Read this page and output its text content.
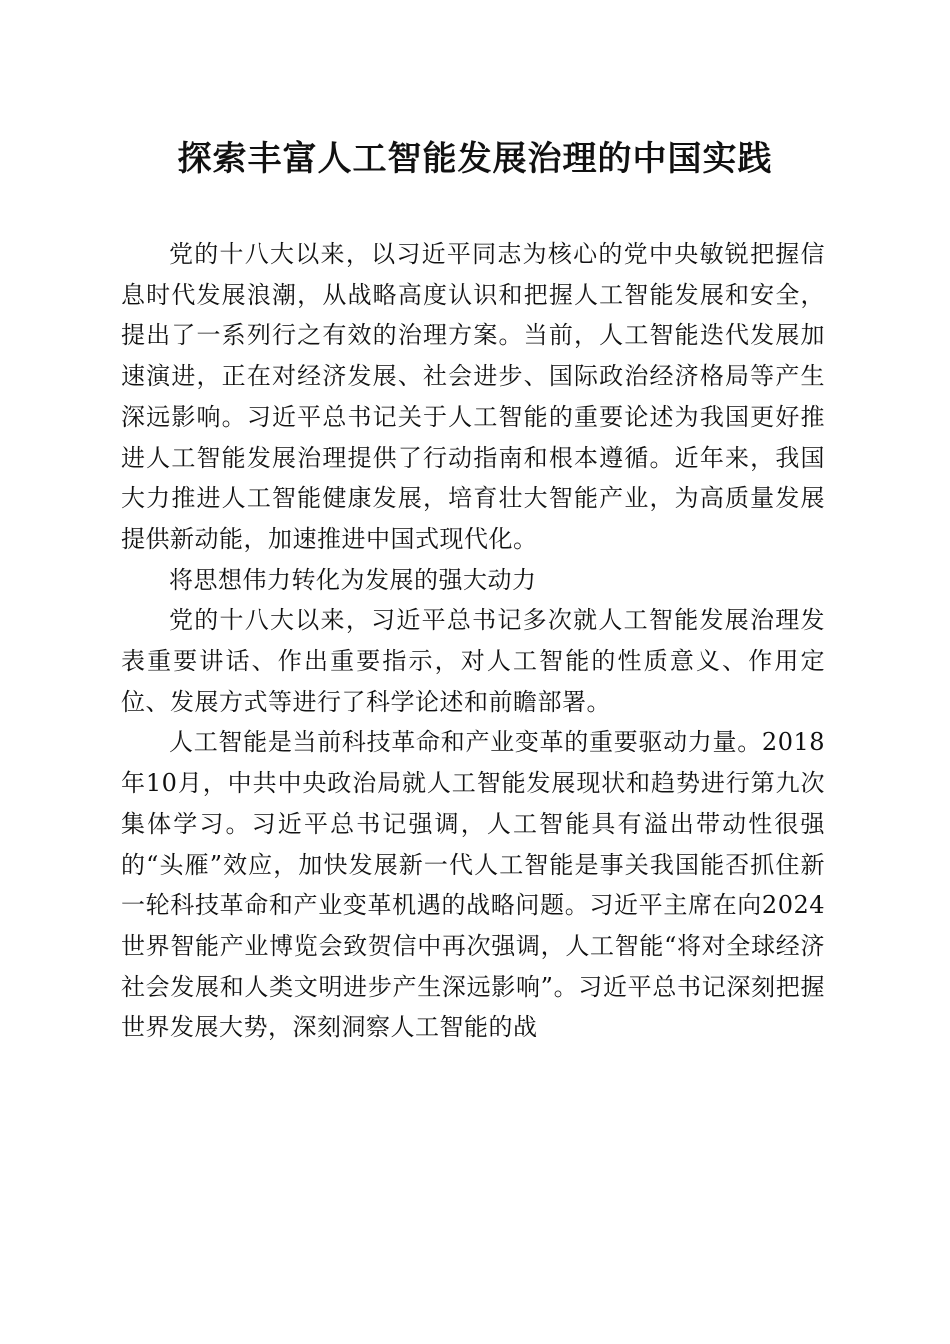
探索丰富人工智能发展治理的中国实践

党的十八大以来，以习近平同志为核心的党中央敏锐把握信息时代发展浪潮，从战略高度认识和把握人工智能发展和安全，提出了一系列行之有效的治理方案。当前，人工智能迭代发展加速演进，正在对经济发展、社会进步、国际政治经济格局等产生深远影响。习近平总书记关于人工智能的重要论述为我国更好推进人工智能发展治理提供了行动指南和根本遵循。近年来，我国大力推进人工智能健康发展，培育壮大智能产业，为高质量发展提供新动能，加速推进中国式现代化。

将思想伟力转化为发展的强大动力

党的十八大以来，习近平总书记多次就人工智能发展治理发表重要讲话、作出重要指示，对人工智能的性质意义、作用定位、发展方式等进行了科学论述和前瞻部署。

人工智能是当前科技革命和产业变革的重要驱动力量。2018年10月，中共中央政治局就人工智能发展现状和趋势进行第九次集体学习。习近平总书记强调，人工智能具有溢出带动性很强的“头雁”效应，加快发展新一代人工智能是事关我国能否抓住新一轮科技革命和产业变革机遇的战略问题。习近平主席在向2024世界智能产业博览会致贺信中再次强调，人工智能“将对全球经济社会发展和人类文明进步产生深远影响”。习近平总书记深刻把握世界发展大势，深刻洞察人工智能的战
